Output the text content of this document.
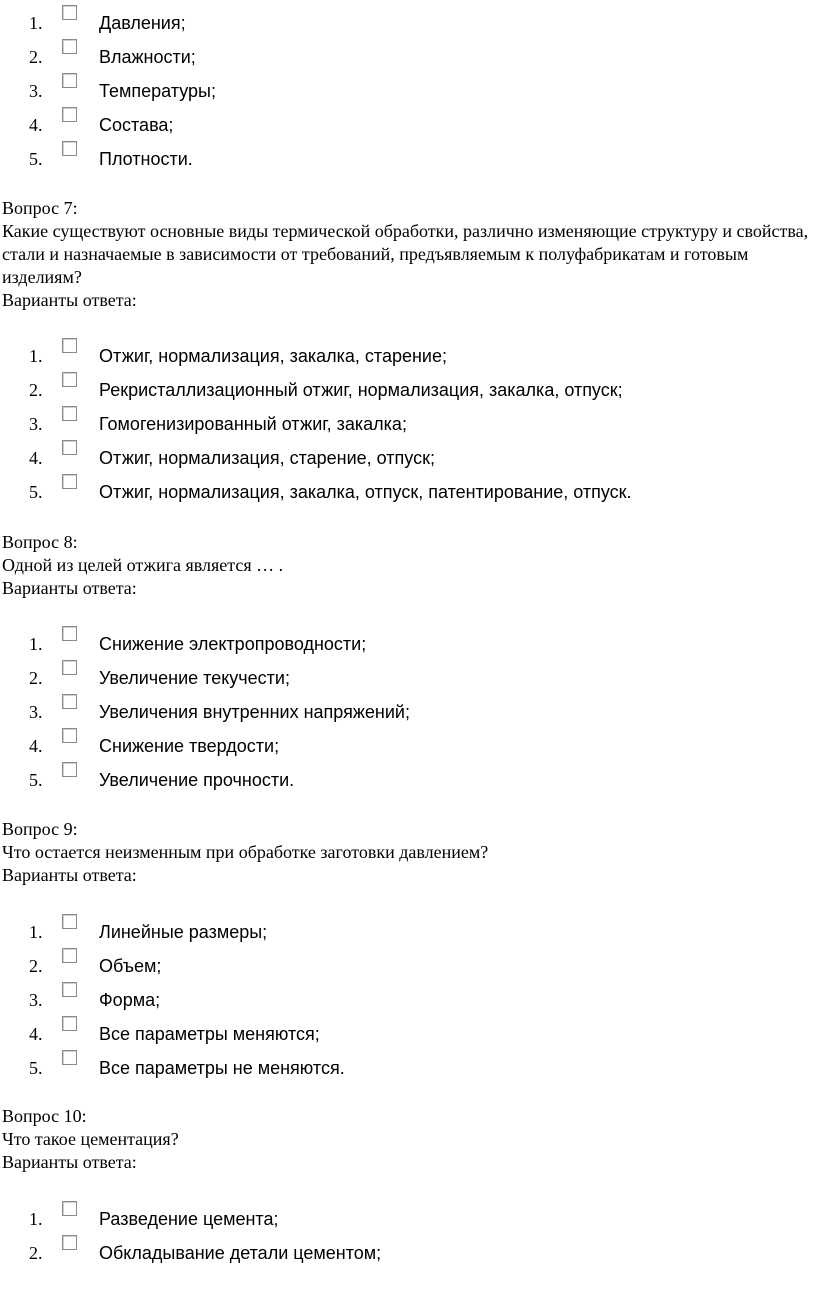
1.	Давления;
2.	Влажности;
3.	Температуры;
4.	Состава;
5.	Плотности.
Вопрос 7:
Какие существуют основные виды термической обработки, различно изменяющие структуру и свойства, стали и назначаемые в зависимости от требований, предъявляемым к полуфабрикатам и готовым изделиям?
Варианты ответа:
1.	Отжиг, нормализация, закалка, старение;
2.	Рекристаллизационный отжиг, нормализация, закалка, отпуск;
3.	Гомогенизированный отжиг, закалка;
4.	Отжиг, нормализация, старение, отпуск;
5.	Отжиг, нормализация, закалка, отпуск, патентирование, отпуск.
Вопрос 8:
Одной из целей отжига является … .
Варианты ответа:
1.	Снижение электропроводности;
2.	Увеличение текучести;
3.	Увеличения внутренних напряжений;
4.	Снижение твердости;
5.	Увеличение прочности.
Вопрос 9:
Что остается неизменным при обработке заготовки давлением?
Варианты ответа:
1.	Линейные размеры;
2.	Объем;
3.	Форма;
4.	Все параметры меняются;
5.	Все параметры не меняются.
Вопрос 10:
Что такое цементация?
Варианты ответа:
1.	Разведение цемента;
2.	Обкладывание детали цементом;
